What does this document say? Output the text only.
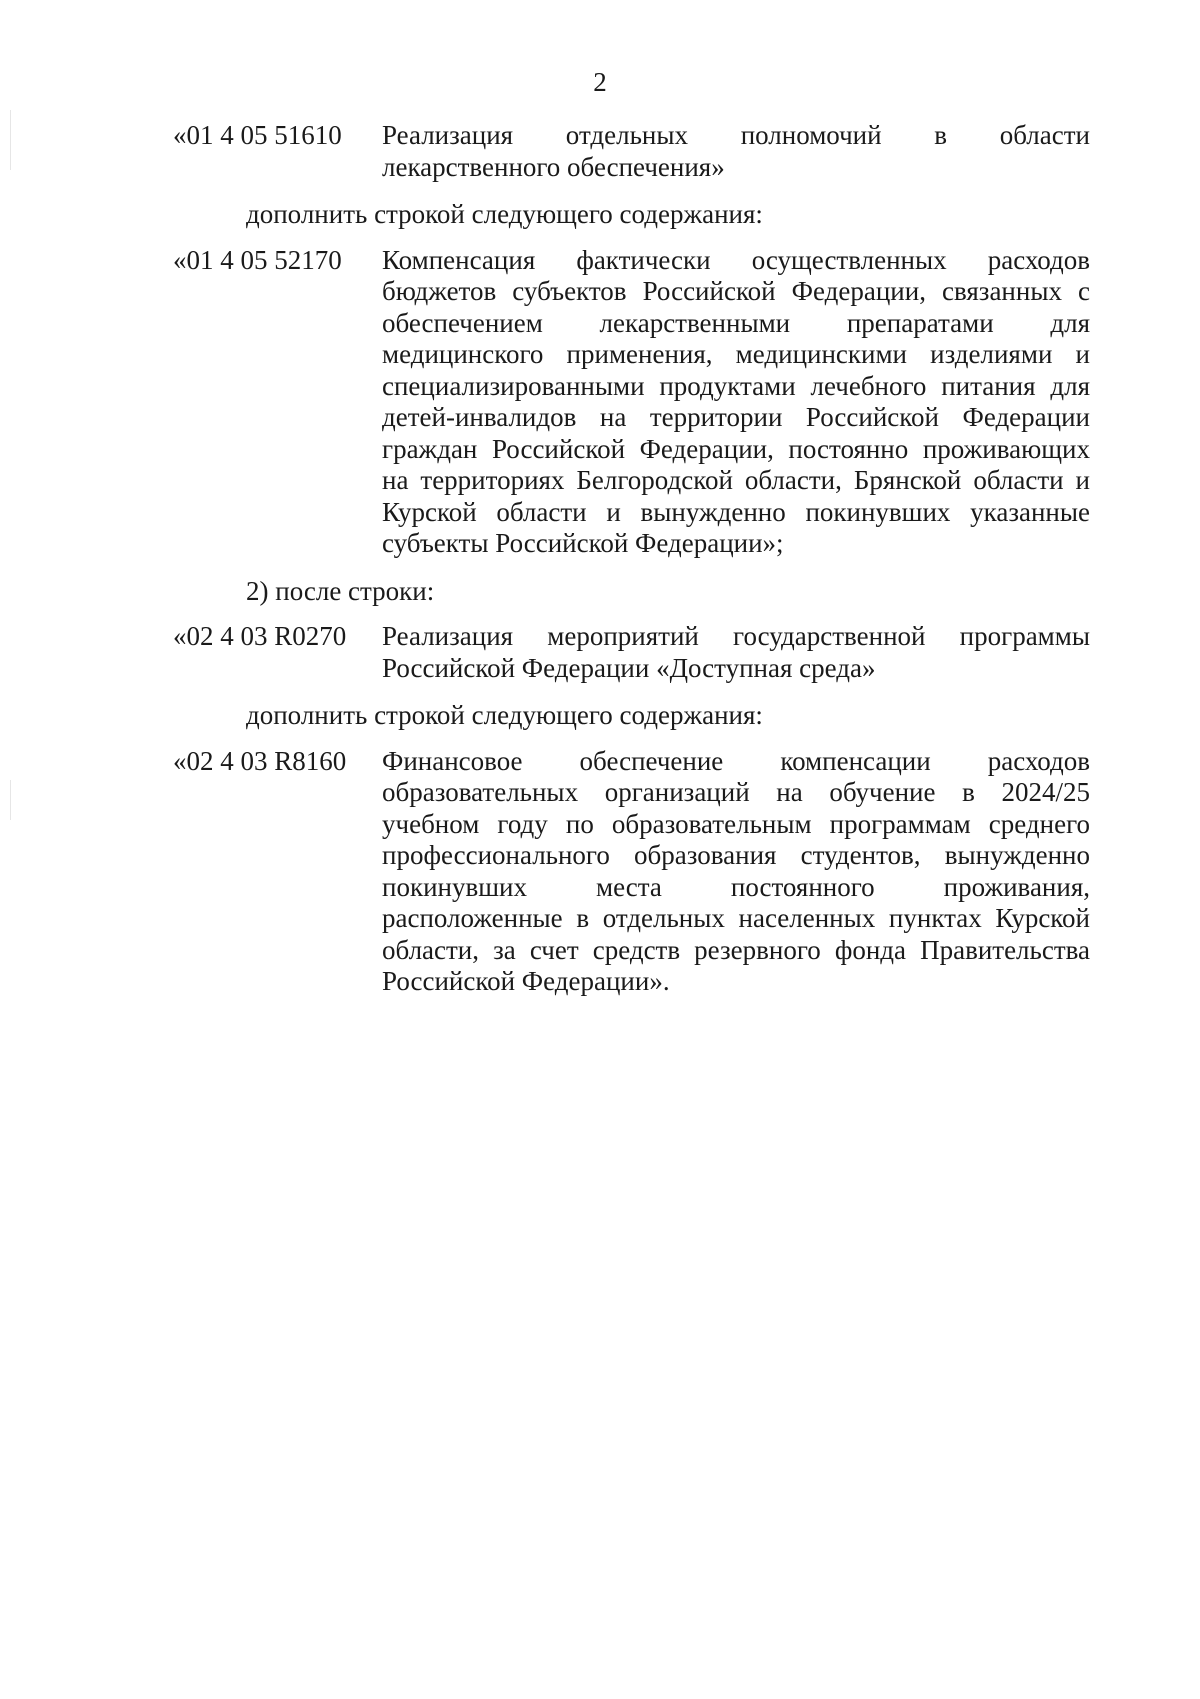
2
«01 4 05 51610	Реализация отдельных полномочий в области лекарственного обеспечения»
дополнить строкой следующего содержания:
«01 4 05 52170	Компенсация фактически осуществленных расходов бюджетов субъектов Российской Федерации, связанных с обеспечением лекарственными препаратами для медицинского применения, медицинскими изделиями и специализированными продуктами лечебного питания для детей-инвалидов на территории Российской Федерации граждан Российской Федерации, постоянно проживающих на территориях Белгородской области, Брянской области и Курской области и вынужденно покинувших указанные субъекты Российской Федерации»;
2) после строки:
«02 4 03 R0270	Реализация мероприятий государственной программы Российской Федерации «Доступная среда»
дополнить строкой следующего содержания:
«02 4 03 R8160	Финансовое обеспечение компенсации расходов образовательных организаций на обучение в 2024/25 учебном году по образовательным программам среднего профессионального образования студентов, вынужденно покинувших места постоянного проживания, расположенные в отдельных населенных пунктах Курской области, за счет средств резервного фонда Правительства Российской Федерации».
